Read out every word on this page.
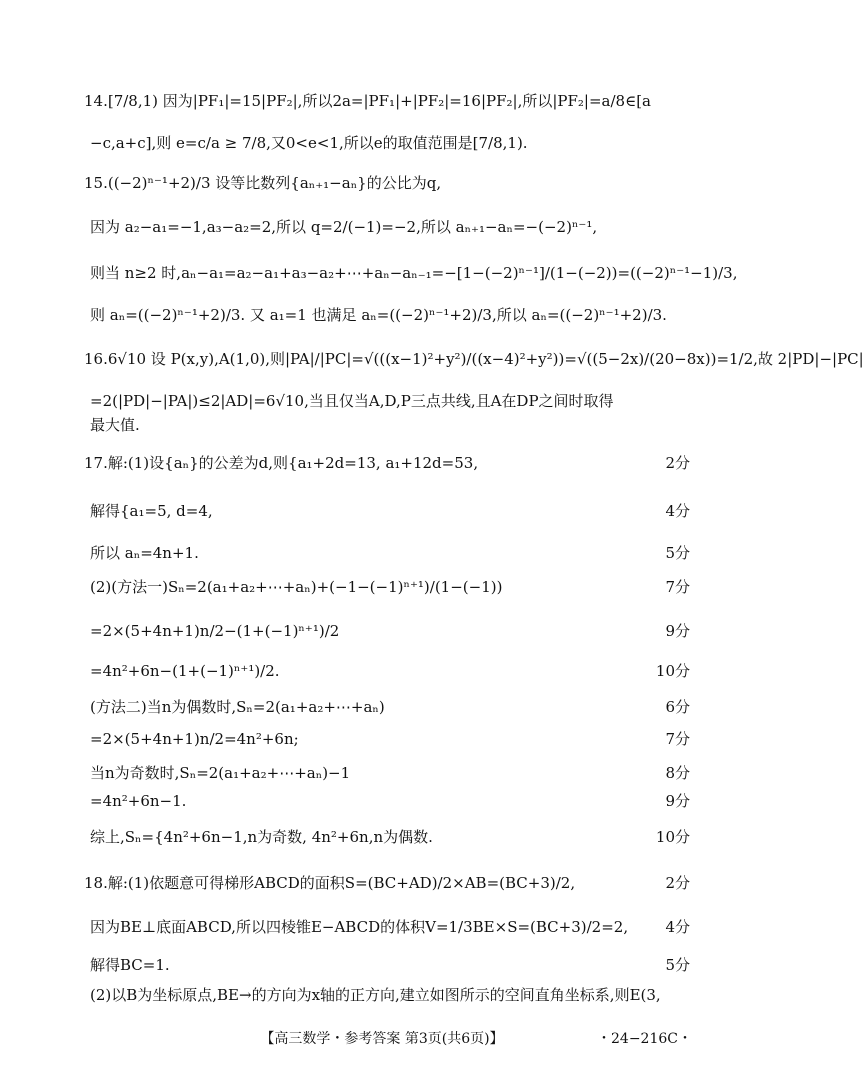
14.[7/8,1) 因为|PF₁|=15|PF₂|,所以2a=|PF₁|+|PF₂|=16|PF₂|,所以|PF₂|=a/8∈[a
−c,a+c],则 e=c/a ≥ 7/8,又0<e<1,所以e的取值范围是[7/8,1).
15.((−2)ⁿ⁻¹+2)/3 设等比数列{aₙ₊₁−aₙ}的公比为q,
因为 a₂−a₁=−1,a₃−a₂=2,所以 q=2/(−1)=−2,所以 aₙ₊₁−aₙ=−(−2)ⁿ⁻¹,
则当 n≥2 时,aₙ−a₁=a₂−a₁+a₃−a₂+⋯+aₙ−aₙ₋₁=−[1−(−2)ⁿ⁻¹]/(1−(−2))=((−2)ⁿ⁻¹−1)/3,
则 aₙ=((−2)ⁿ⁻¹+2)/3. 又 a₁=1 也满足 aₙ=((−2)ⁿ⁻¹+2)/3,所以 aₙ=((−2)ⁿ⁻¹+2)/3.
16.6√10 设 P(x,y),A(1,0),则|PA|/|PC|=√(((x−1)²+y²)/((x−4)²+y²))=√((5−2x)/(20−8x))=1/2,故 2|PD|−|PC|
=2(|PD|−|PA|)≤2|AD|=6√10,当且仅当A,D,P三点共线,且A在DP之间时取得
最大值.
17.解:(1)设{aₙ}的公差为d,则{a₁+2d=13, a₁+12d=53,
解得{a₁=5, d=4,
所以 aₙ=4n+1.
(2)(方法一)Sₙ=2(a₁+a₂+⋯+aₙ)+(−1−(−1)ⁿ⁺¹)/(1−(−1))
=2×(5+4n+1)n/2−(1+(−1)ⁿ⁺¹)/2
=4n²+6n−(1+(−1)ⁿ⁺¹)/2.
(方法二)当n为偶数时,Sₙ=2(a₁+a₂+⋯+aₙ)
=2×(5+4n+1)n/2=4n²+6n;
当n为奇数时,Sₙ=2(a₁+a₂+⋯+aₙ)−1
=4n²+6n−1.
综上,Sₙ={4n²+6n−1,n为奇数, 4n²+6n,n为偶数.
18.解:(1)依题意可得梯形ABCD的面积S=(BC+AD)/2×AB=(BC+3)/2,
因为BE⊥底面ABCD,所以四棱锥E−ABCD的体积V=1/3BE×S=(BC+3)/2=2,
解得BC=1.
(2)以B为坐标原点,BE→的方向为x轴的正方向,建立如图所示的空间直角坐标系,则E(3,
2分
4分
5分
7分
9分
10分
6分
7分
8分
9分
10分
2分
4分
5分
【高三数学・参考答案 第3页(共6页)】	・24−216C・
